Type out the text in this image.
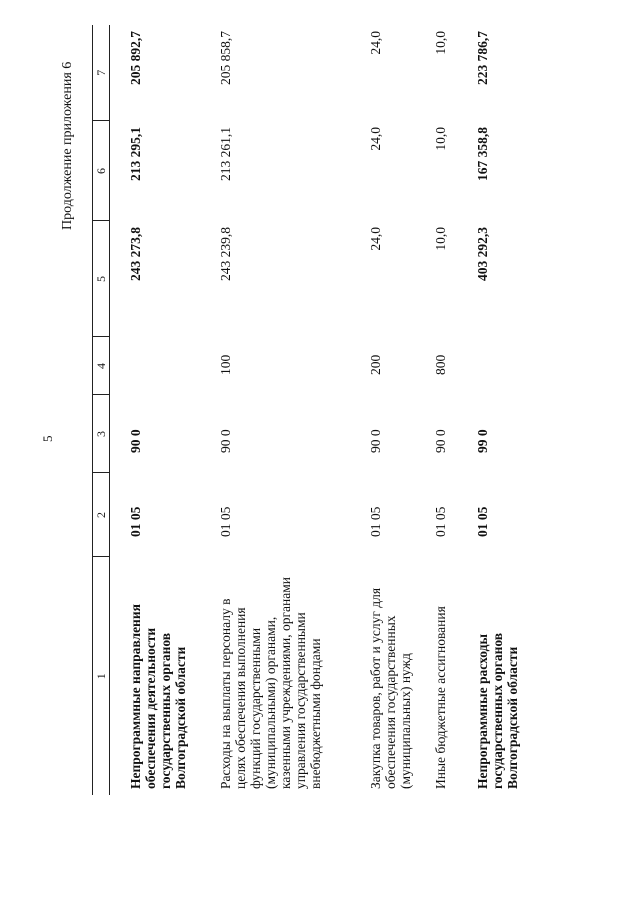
5
Продолжение приложения 6
1	2	3	4	5	6	7
Непрограммные направления обеспечения деятельности государственных органов Волгоградской области	01 05	90 0		243 273,8	213 295,1	205 892,7
Расходы на выплаты персоналу в целях обеспечения выполнения функций государственными (муниципальными) органами, казенными учреждениями, органами управления государственными внебюджетными фондами	01 05	90 0	100	243 239,8	213 261,1	205 858,7
Закупка товаров, работ и услуг для обеспечения государственных (муниципальных) нужд	01 05	90 0	200	24,0	24,0	24,0
Иные бюджетные ассигнования	01 05	90 0	800	10,0	10,0	10,0
Непрограммные расходы государственных органов Волгоградской области	01 05	99 0		403 292,3	167 358,8	223 786,7
